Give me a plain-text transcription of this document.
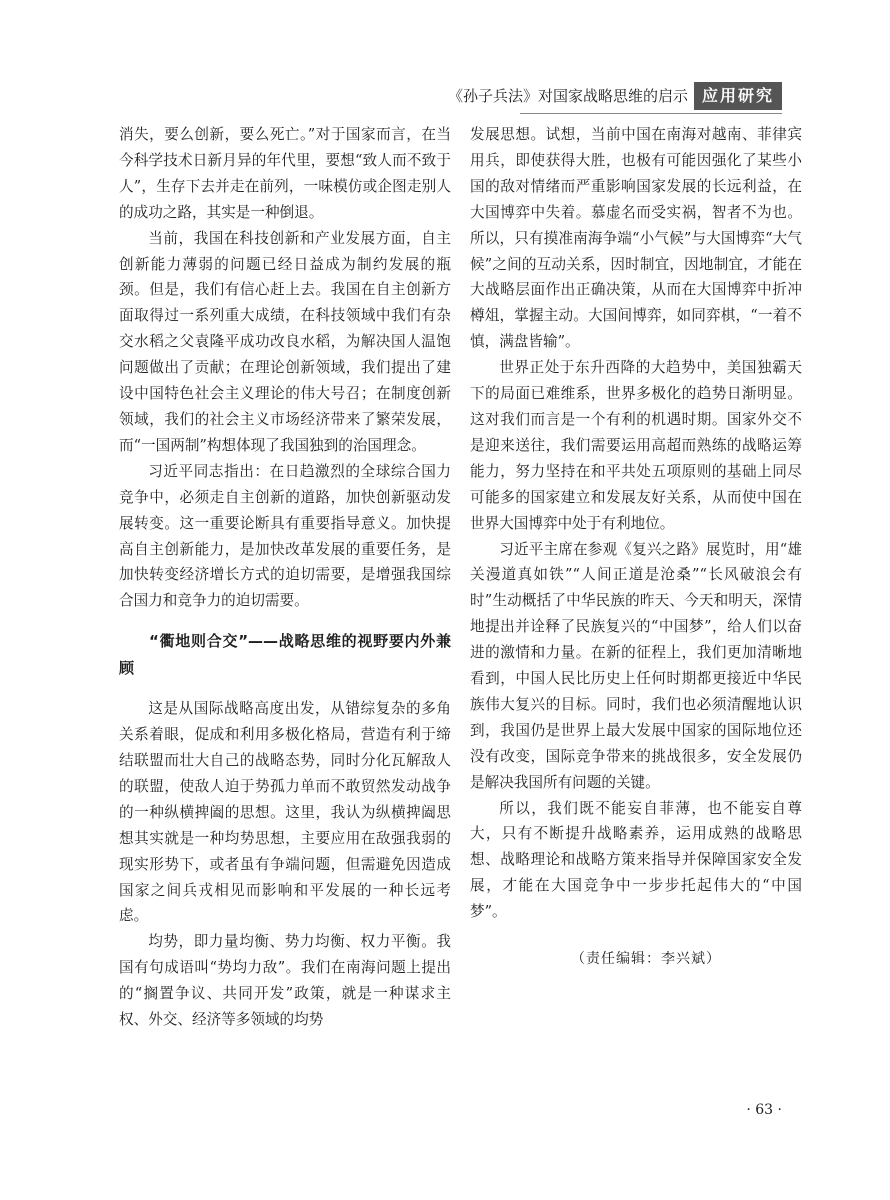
《孙子兵法》对国家战略思维的启示 应用研究

消失，要么创新，要么死亡。”对于国家而言，在当今科学技术日新月异的年代里，要想“致人而不致于人”，生存下去并走在前列，一味模仿或企图走别人的成功之路，其实是一种倒退。

当前，我国在科技创新和产业发展方面，自主创新能力薄弱的问题已经日益成为制约发展的瓶颈。但是，我们有信心赶上去。我国在自主创新方面取得过一系列重大成绩，在科技领域中我们有杂交水稻之父袁隆平成功改良水稻，为解决国人温饱问题做出了贡献；在理论创新领域，我们提出了建设中国特色社会主义理论的伟大号召；在制度创新领域，我们的社会主义市场经济带来了繁荣发展，而“一国两制”构想体现了我国独到的治国理念。

习近平同志指出：在日趋激烈的全球综合国力竞争中，必须走自主创新的道路，加快创新驱动发展转变。这一重要论断具有重要指导意义。加快提高自主创新能力，是加快改革发展的重要任务，是加快转变经济增长方式的迫切需要，是增强我国综合国力和竞争力的迫切需要。

“衢地则合交”——战略思维的视野要内外兼顾

这是从国际战略高度出发，从错综复杂的多角关系着眼，促成和利用多极化格局，营造有利于缔结联盟而壮大自己的战略态势，同时分化瓦解敌人的联盟，使敌人迫于势孤力单而不敢贸然发动战争的一种纵横捭阖的思想。这里，我认为纵横捭阖思想其实就是一种均势思想，主要应用在敌强我弱的现实形势下，或者虽有争端问题，但需避免因造成国家之间兵戎相见而影响和平发展的一种长远考虑。

均势，即力量均衡、势力均衡、权力平衡。我国有句成语叫“势均力敌”。我们在南海问题上提出的“搁置争议、共同开发”政策，就是一种谋求主权、外交、经济等多领域的均势

发展思想。试想，当前中国在南海对越南、菲律宾用兵，即使获得大胜，也极有可能因强化了某些小国的敌对情绪而严重影响国家发展的长远利益，在大国博弈中失着。慕虚名而受实祸，智者不为也。所以，只有摸准南海争端“小气候”与大国博弈“大气候”之间的互动关系，因时制宜，因地制宜，才能在大战略层面作出正确决策，从而在大国博弈中折冲樽俎，掌握主动。大国间博弈，如同弈棋，“一着不慎，满盘皆输”。

世界正处于东升西降的大趋势中，美国独霸天下的局面已难维系，世界多极化的趋势日渐明显。这对我们而言是一个有利的机遇时期。国家外交不是迎来送往，我们需要运用高超而熟练的战略运筹能力，努力坚持在和平共处五项原则的基础上同尽可能多的国家建立和发展友好关系，从而使中国在世界大国博弈中处于有利地位。

习近平主席在参观《复兴之路》展览时，用“雄关漫道真如铁”“人间正道是沧桑”“长风破浪会有时”生动概括了中华民族的昨天、今天和明天，深情地提出并诠释了民族复兴的“中国梦”，给人们以奋进的激情和力量。在新的征程上，我们更加清晰地看到，中国人民比历史上任何时期都更接近中华民族伟大复兴的目标。同时，我们也必须清醒地认识到，我国仍是世界上最大发展中国家的国际地位还没有改变，国际竞争带来的挑战很多，安全发展仍是解决我国所有问题的关键。

所以，我们既不能妄自菲薄，也不能妄自尊大，只有不断提升战略素养，运用成熟的战略思想、战略理论和战略方策来指导并保障国家安全发展，才能在大国竞争中一步步托起伟大的“中国梦”。

（责任编辑：李兴斌）
· 63 ·
